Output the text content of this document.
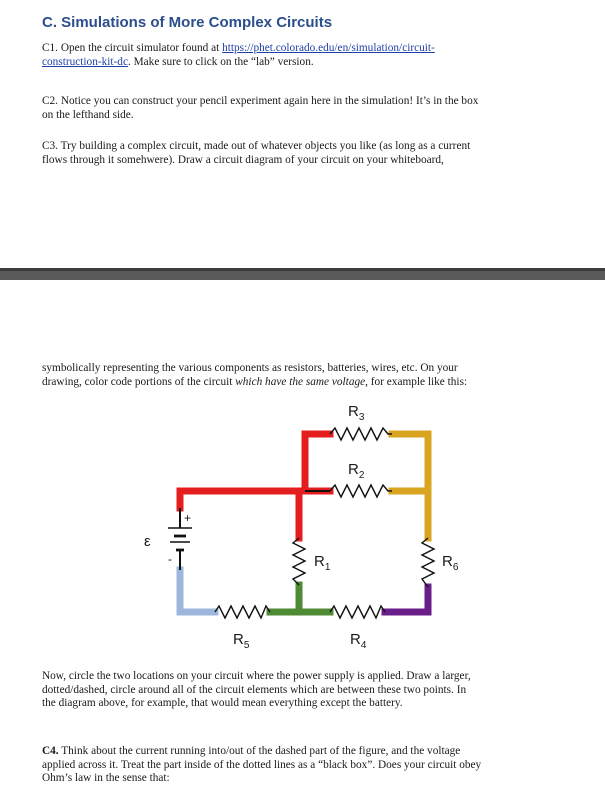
C. Simulations of More Complex Circuits

C1. Open the circuit simulator found at https://phet.colorado.edu/en/simulation/circuit-
construction-kit-dc. Make sure to click on the “lab” version.

C2. Notice you can construct your pencil experiment again here in the simulation! It’s in the box
on the lefthand side.

C3. Try building a complex circuit, made out of whatever objects you like (as long as a current
flows through it somehwere). Draw a circuit diagram of your circuit on your whiteboard,

symbolically representing the various components as resistors, batteries, wires, etc. On your
drawing, color code portions of the circuit which have the same voltage, for example like this:

ε
+
-
$R_3$
$R_2$
$R_1$	$R_6$
$R_5$	$R_4$

Now, circle the two locations on your circuit where the power supply is applied. Draw a larger,
dotted/dashed, circle around all of the circuit elements which are between these two points. In
the diagram above, for example, that would mean everything except the battery.

C4. Think about the current running into/out of the dashed part of the figure, and the voltage
applied across it. Treat the part inside of the dotted lines as a “black box”. Does your circuit obey
Ohm’s law in the sense that:
